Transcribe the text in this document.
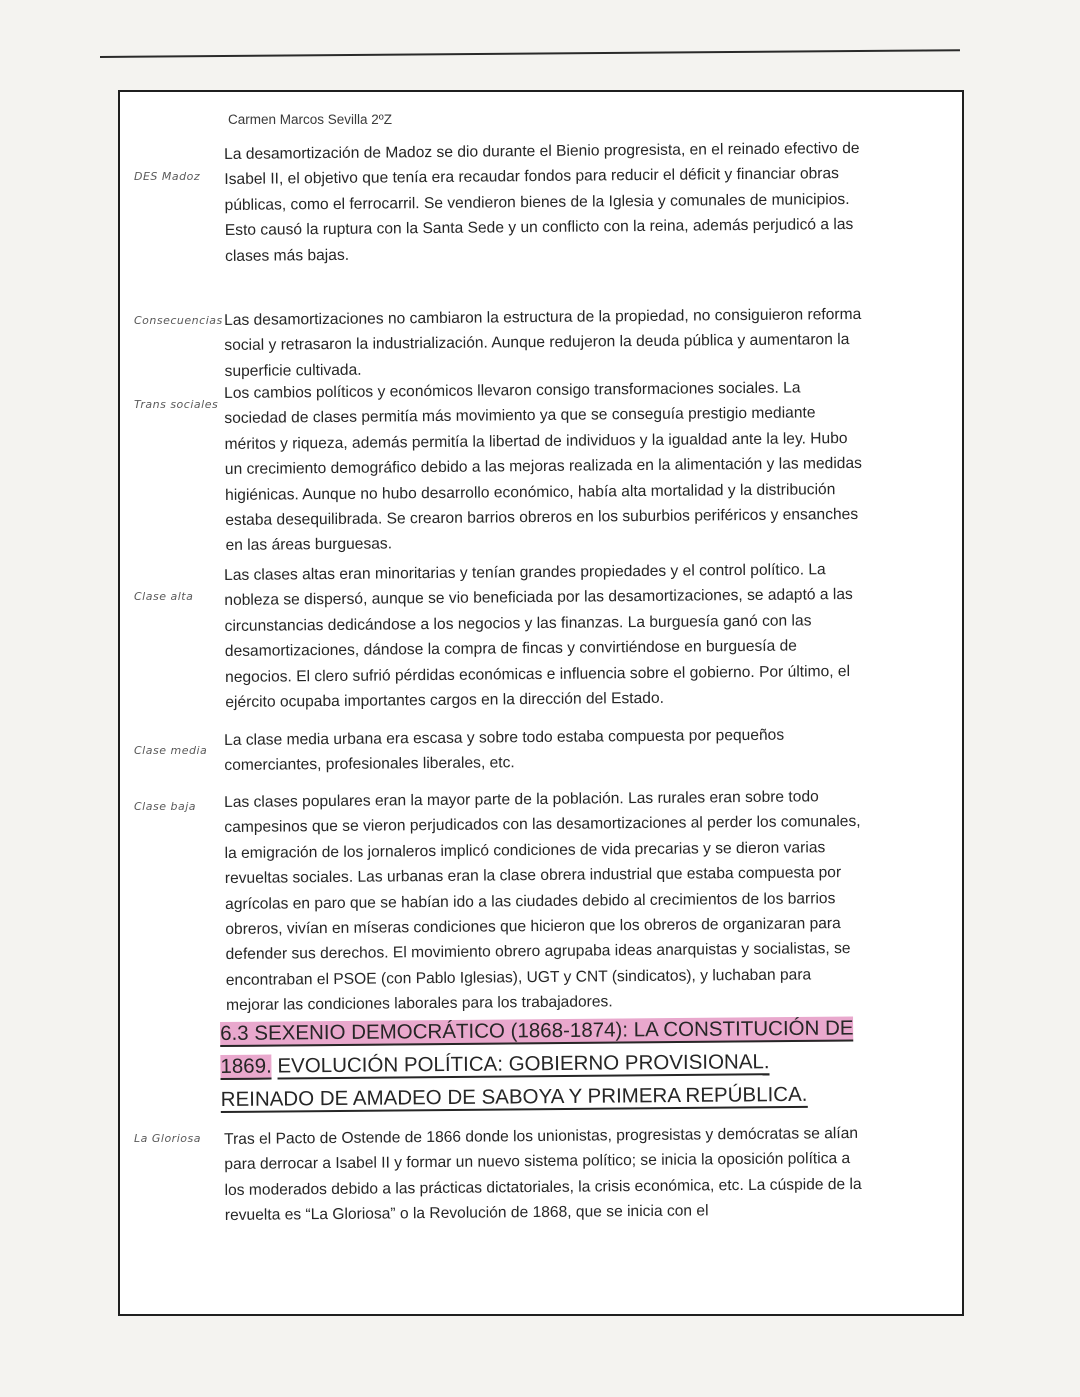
Carmen Marcos Sevilla 2ºZ
DES Madoz
La desamortización de Madoz se dio durante el Bienio progresista, en el reinado efectivo de Isabel II, el objetivo que tenía era recaudar fondos para reducir el déficit y financiar obras públicas, como el ferrocarril. Se vendieron bienes de la Iglesia y comunales de municipios. Esto causó la ruptura con la Santa Sede y un conflicto con la reina, además perjudicó a las clases más bajas.
Consecuencias Las desamortizaciones no cambiaron la estructura de la propiedad, no consiguieron reforma social y retrasaron la industrialización. Aunque redujeron la deuda pública y aumentaron la superficie cultivada.
Trans sociales
Los cambios políticos y económicos llevaron consigo transformaciones sociales. La sociedad de clases permitía más movimiento ya que se conseguía prestigio mediante méritos y riqueza, además permitía la libertad de individuos y la igualdad ante la ley. Hubo un crecimiento demográfico debido a las mejoras realizada en la alimentación y las medidas higiénicas. Aunque no hubo desarrollo económico, había alta mortalidad y la distribución estaba desequilibrada. Se crearon barrios obreros en los suburbios periféricos y ensanches en las áreas burguesas.
Clase alta
Las clases altas eran minoritarias y tenían grandes propiedades y el control político. La nobleza se dispersó, aunque se vio beneficiada por las desamortizaciones, se adaptó a las circunstancias dedicándose a los negocios y las finanzas. La burguesía ganó con las desamortizaciones, dándose la compra de fincas y convirtiéndose en burguesía de negocios. El clero sufrió pérdidas económicas e influencia sobre el gobierno. Por último, el ejército ocupaba importantes cargos en la dirección del Estado.
Clase media
La clase media urbana era escasa y sobre todo estaba compuesta por pequeños comerciantes, profesionales liberales, etc.
Clase baja Las clases populares eran la mayor parte de la población. Las rurales eran sobre todo campesinos que se vieron perjudicados con las desamortizaciones al perder los comunales, la emigración de los jornaleros implicó condiciones de vida precarias y se dieron varias revueltas sociales. Las urbanas eran la clase obrera industrial que estaba compuesta por agrícolas en paro que se habían ido a las ciudades debido al crecimientos de los barrios obreros, vivían en míseras condiciones que hicieron que los obreros de organizaran para defender sus derechos. El movimiento obrero agrupaba ideas anarquistas y socialistas, se encontraban el PSOE (con Pablo Iglesias), UGT y CNT (sindicatos), y luchaban para mejorar las condiciones laborales para los trabajadores.
6.3 SEXENIO DEMOCRÁTICO (1868-1874): LA CONSTITUCIÓN DE 1869. EVOLUCIÓN POLÍTICA: GOBIERNO PROVISIONAL. REINADO DE AMADEO DE SABOYA Y PRIMERA REPÚBLICA.
La Gloriosa Tras el Pacto de Ostende de 1866 donde los unionistas, progresistas y demócratas se alían para derrocar a Isabel II y formar un nuevo sistema político; se inicia la oposición política a los moderados debido a las prácticas dictatoriales, la crisis económica, etc. La cúspide de la revuelta es “La Gloriosa” o la Revolución de 1868, que se inicia con el
